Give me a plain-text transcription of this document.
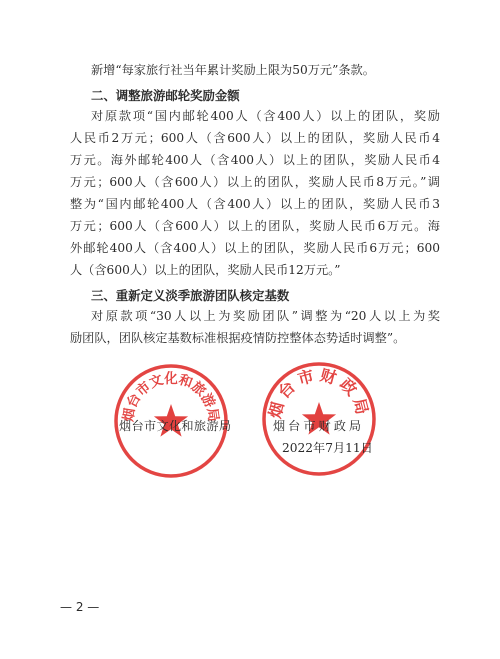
新增“每家旅行社当年累计奖励上限为50万元”条款。
二、调整旅游邮轮奖励金额
对原款项“国内邮轮400人（含400人）以上的团队，奖励
人民币2万元；600人（含600人）以上的团队，奖励人民币4
万元。海外邮轮400人（含400人）以上的团队，奖励人民币4
万元；600人（含600人）以上的团队，奖励人民币8万元。”调
整为“国内邮轮400人（含400人）以上的团队，奖励人民币3
万元；600人（含600人）以上的团队，奖励人民币6万元。海
外邮轮400人（含400人）以上的团队，奖励人民币6万元；600
人（含600人）以上的团队，奖励人民币12万元。”
三、重新定义淡季旅游团队核定基数
对原款项“30人以上为奖励团队”调整为“20人以上为奖
励团队，团队核定基数标准根据疫情防控整体态势适时调整”。
烟台市文化和旅游局	烟台市财政局
烟台市文化和旅游局	烟台市财政局
2022年7月11日
— 2 —
